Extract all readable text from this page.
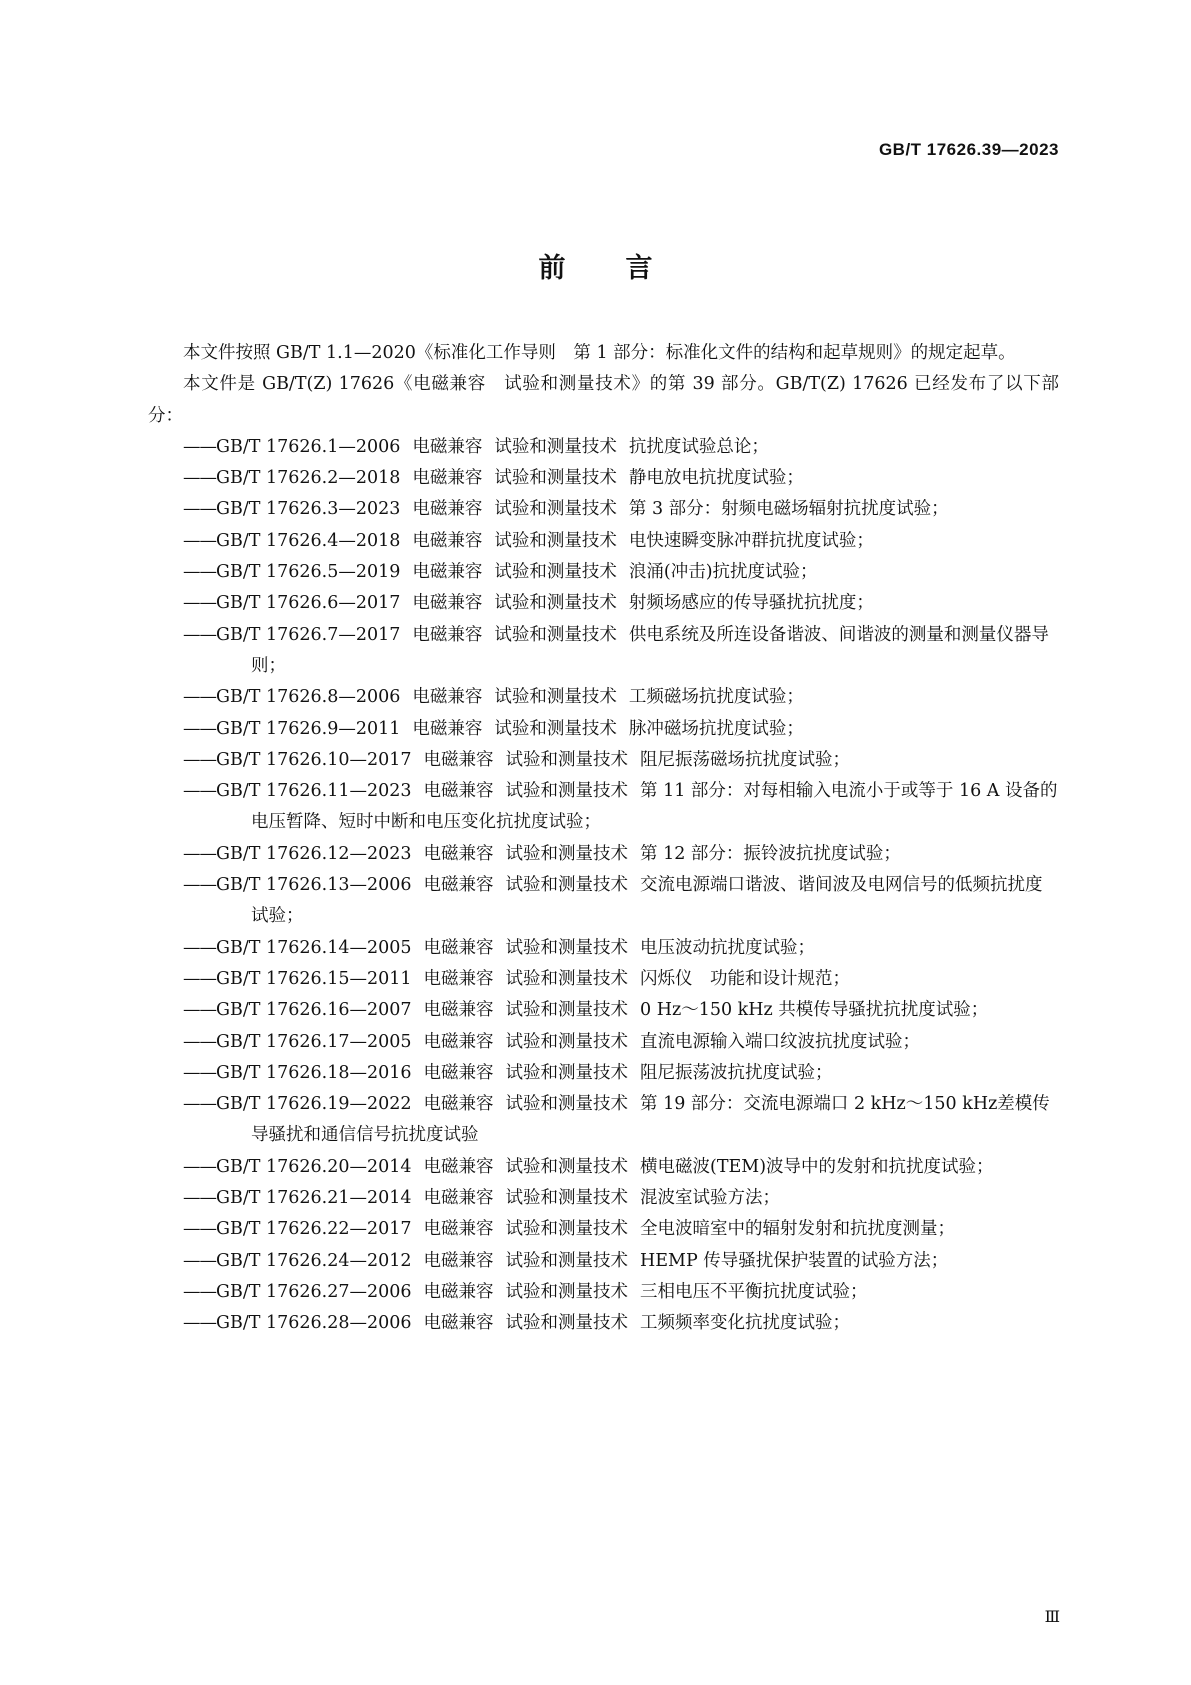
GB/T 17626.39—2023
前言

本文件按照 GB/T 1.1—2020《标准化工作导则　第 1 部分：标准化文件的结构和起草规则》的规定起草。

本文件是 GB/T(Z) 17626《电磁兼容　试验和测量技术》的第 39 部分。GB/T(Z) 17626 已经发布了以下部分：

——GB/T 17626.1—2006 电磁兼容 试验和测量技术 抗扰度试验总论；
——GB/T 17626.2—2018 电磁兼容 试验和测量技术 静电放电抗扰度试验；
——GB/T 17626.3—2023 电磁兼容 试验和测量技术 第 3 部分：射频电磁场辐射抗扰度试验；
——GB/T 17626.4—2018 电磁兼容 试验和测量技术 电快速瞬变脉冲群抗扰度试验；
——GB/T 17626.5—2019 电磁兼容 试验和测量技术 浪涌(冲击)抗扰度试验；
——GB/T 17626.6—2017 电磁兼容 试验和测量技术 射频场感应的传导骚扰抗扰度；
——GB/T 17626.7—2017 电磁兼容 试验和测量技术 供电系统及所连设备谐波、间谐波的测量和测量仪器导则；
——GB/T 17626.8—2006 电磁兼容 试验和测量技术 工频磁场抗扰度试验；
——GB/T 17626.9—2011 电磁兼容 试验和测量技术 脉冲磁场抗扰度试验；
——GB/T 17626.10—2017 电磁兼容 试验和测量技术 阻尼振荡磁场抗扰度试验；
——GB/T 17626.11—2023 电磁兼容 试验和测量技术 第 11 部分：对每相输入电流小于或等于 16 A 设备的电压暂降、短时中断和电压变化抗扰度试验；
——GB/T 17626.12—2023 电磁兼容 试验和测量技术 第 12 部分：振铃波抗扰度试验；
——GB/T 17626.13—2006 电磁兼容 试验和测量技术 交流电源端口谐波、谐间波及电网信号的低频抗扰度试验；
——GB/T 17626.14—2005 电磁兼容 试验和测量技术 电压波动抗扰度试验；
——GB/T 17626.15—2011 电磁兼容 试验和测量技术 闪烁仪　功能和设计规范；
——GB/T 17626.16—2007 电磁兼容 试验和测量技术 0 Hz～150 kHz 共模传导骚扰抗扰度试验；
——GB/T 17626.17—2005 电磁兼容 试验和测量技术 直流电源输入端口纹波抗扰度试验；
——GB/T 17626.18—2016 电磁兼容 试验和测量技术 阻尼振荡波抗扰度试验；
——GB/T 17626.19—2022 电磁兼容 试验和测量技术 第 19 部分：交流电源端口 2 kHz～150 kHz差模传导骚扰和通信信号抗扰度试验
——GB/T 17626.20—2014 电磁兼容 试验和测量技术 横电磁波(TEM)波导中的发射和抗扰度试验；
——GB/T 17626.21—2014 电磁兼容 试验和测量技术 混波室试验方法；
——GB/T 17626.22—2017 电磁兼容 试验和测量技术 全电波暗室中的辐射发射和抗扰度测量；
——GB/T 17626.24—2012 电磁兼容 试验和测量技术 HEMP 传导骚扰保护装置的试验方法；
——GB/T 17626.27—2006 电磁兼容 试验和测量技术 三相电压不平衡抗扰度试验；
——GB/T 17626.28—2006 电磁兼容 试验和测量技术 工频频率变化抗扰度试验；
Ⅲ
